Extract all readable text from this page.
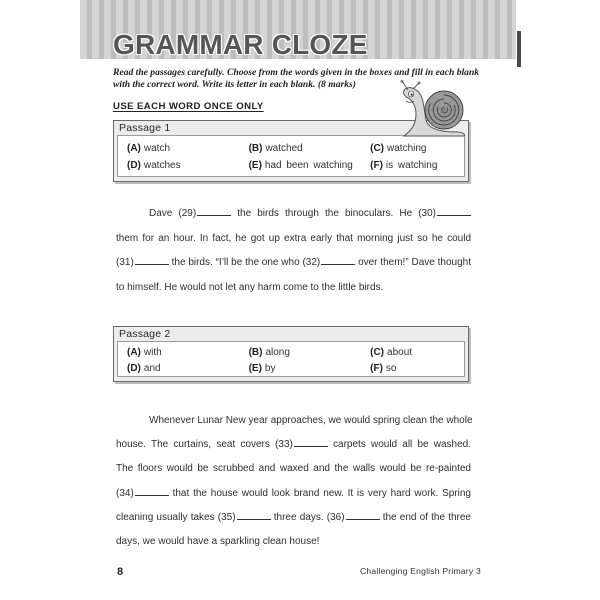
GRAMMAR CLOZE
Read the passages carefully. Choose from the words given in the boxes and fill in each blank
with the correct word. Write its letter in each blank. (8 marks)
USE EACH WORD ONCE ONLY
Passage 1
(A) watch	(B) watched	(C) watching
(D) watches	(E) had been watching	(F) is watching
Dave (29)	the birds through the binoculars. He (30)
them for an hour. In fact, he got up extra early that morning just so he could
(31)	the birds. “I’ll be the one who (32)	over them!” Dave thought
to himself. He would not let any harm come to the little birds.
Passage 2
(A) with	(B) along	(C) about
(D) and	(E) by	(F) so
Whenever Lunar New year approaches, we would spring clean the whole
house. The curtains, seat covers (33)	carpets would all be washed.
The floors would be scrubbed and waxed and the walls would be re-painted
(34)	that the house would look brand new. It is very hard work. Spring
cleaning usually takes (35)	three days. (36)	the end of the three
days, we would have a sparkling clean house!
8	Challenging English Primary 3
